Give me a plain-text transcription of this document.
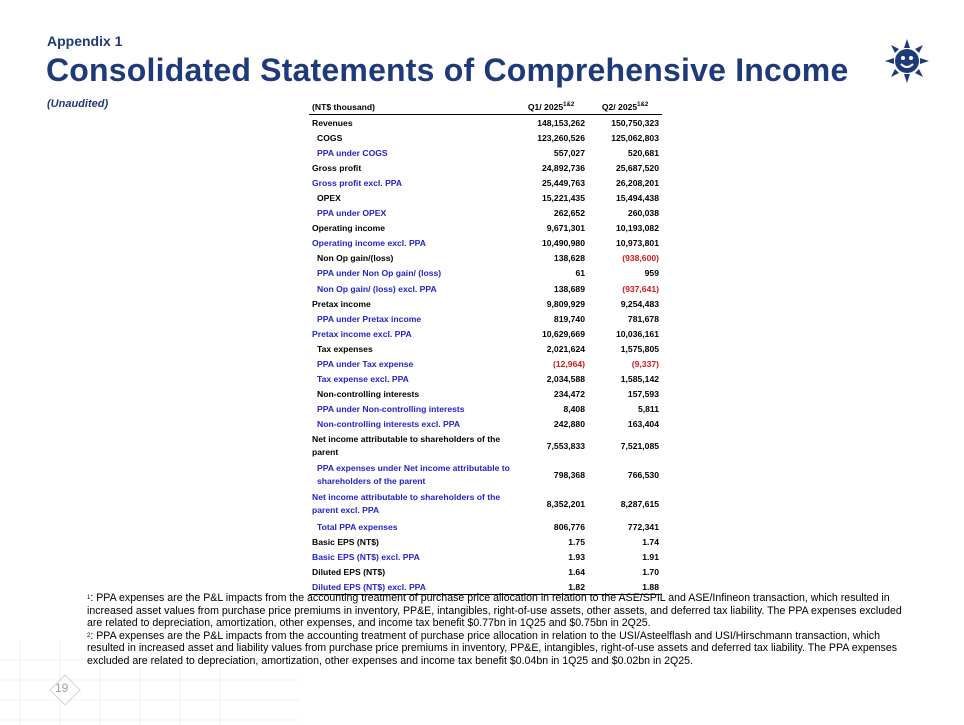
Appendix 1
Consolidated Statements of Comprehensive Income
(Unaudited)	(NT$ thousand)	Q1/ $2025^{1\&2}$	Q2/ $2025^{1\&2}$
Revenues	148,153,262	150,750,323
COGS	123,260,526	125,062,803
PPA under COGS	557,027	520,681
Gross profit	24,892,736	25,687,520
Gross profit excl. PPA	25,449,763	26,208,201
OPEX	15,221,435	15,494,438
PPA under OPEX	262,652	260,038
Operating income	9,671,301	10,193,082
Operating income excl. PPA	10,490,980	10,973,801
Non Op gain/(loss)	138,628	(938,600)
PPA under Non Op gain/ (loss)	61	959
Non Op gain/ (loss) excl. PPA	138,689	(937,641)
Pretax income	9,809,929	9,254,483
PPA under Pretax income	819,740	781,678
Pretax income excl. PPA	10,629,669	10,036,161
Tax expenses	2,021,624	1,575,805
PPA under Tax expense	(12,964)	(9,337)
Tax expense excl. PPA	2,034,588	1,585,142
Non-controlling interests	234,472	157,593
PPA under Non-controlling interests	8,408	5,811
Non-controlling interests excl. PPA	242,880	163,404
Net income attributable to shareholders of the parent	7,553,833	7,521,085
PPA expenses under Net income attributable to shareholders of the parent	798,368	766,530
Net income attributable to shareholders of the parent excl. PPA	8,352,201	8,287,615
Total PPA expenses	806,776	772,341
Basic EPS (NT$)	1.75	1.74
Basic EPS (NT$) excl. PPA	1.93	1.91
Diluted EPS (NT$)	1.64	1.70
Diluted EPS (NT$) excl. PPA	1.82	1.88

$^1$: PPA expenses are the P&L impacts from the accounting treatment of purchase price allocation in relation to the ASE/SPIL and ASE/Infineon transaction, which resulted in increased asset values from purchase price premiums in inventory, PP&E, intangibles, right-of-use assets, other assets, and deferred tax liability. The PPA expenses excluded are related to depreciation, amortization, other expenses, and income tax benefit $0.77bn in 1Q25 and $0.75bn in 2Q25.

$^2$: PPA expenses are the P&L impacts from the accounting treatment of purchase price allocation in relation to the USI/Asteelflash and USI/Hirschmann transaction, which resulted in increased asset and liability values from purchase price premiums in inventory, PP&E, intangibles, right-of-use assets and deferred tax liability. The PPA expenses excluded are related to depreciation, amortization, other expenses and income tax benefit $0.04bn in 1Q25 and $0.02bn in 2Q25.

19
